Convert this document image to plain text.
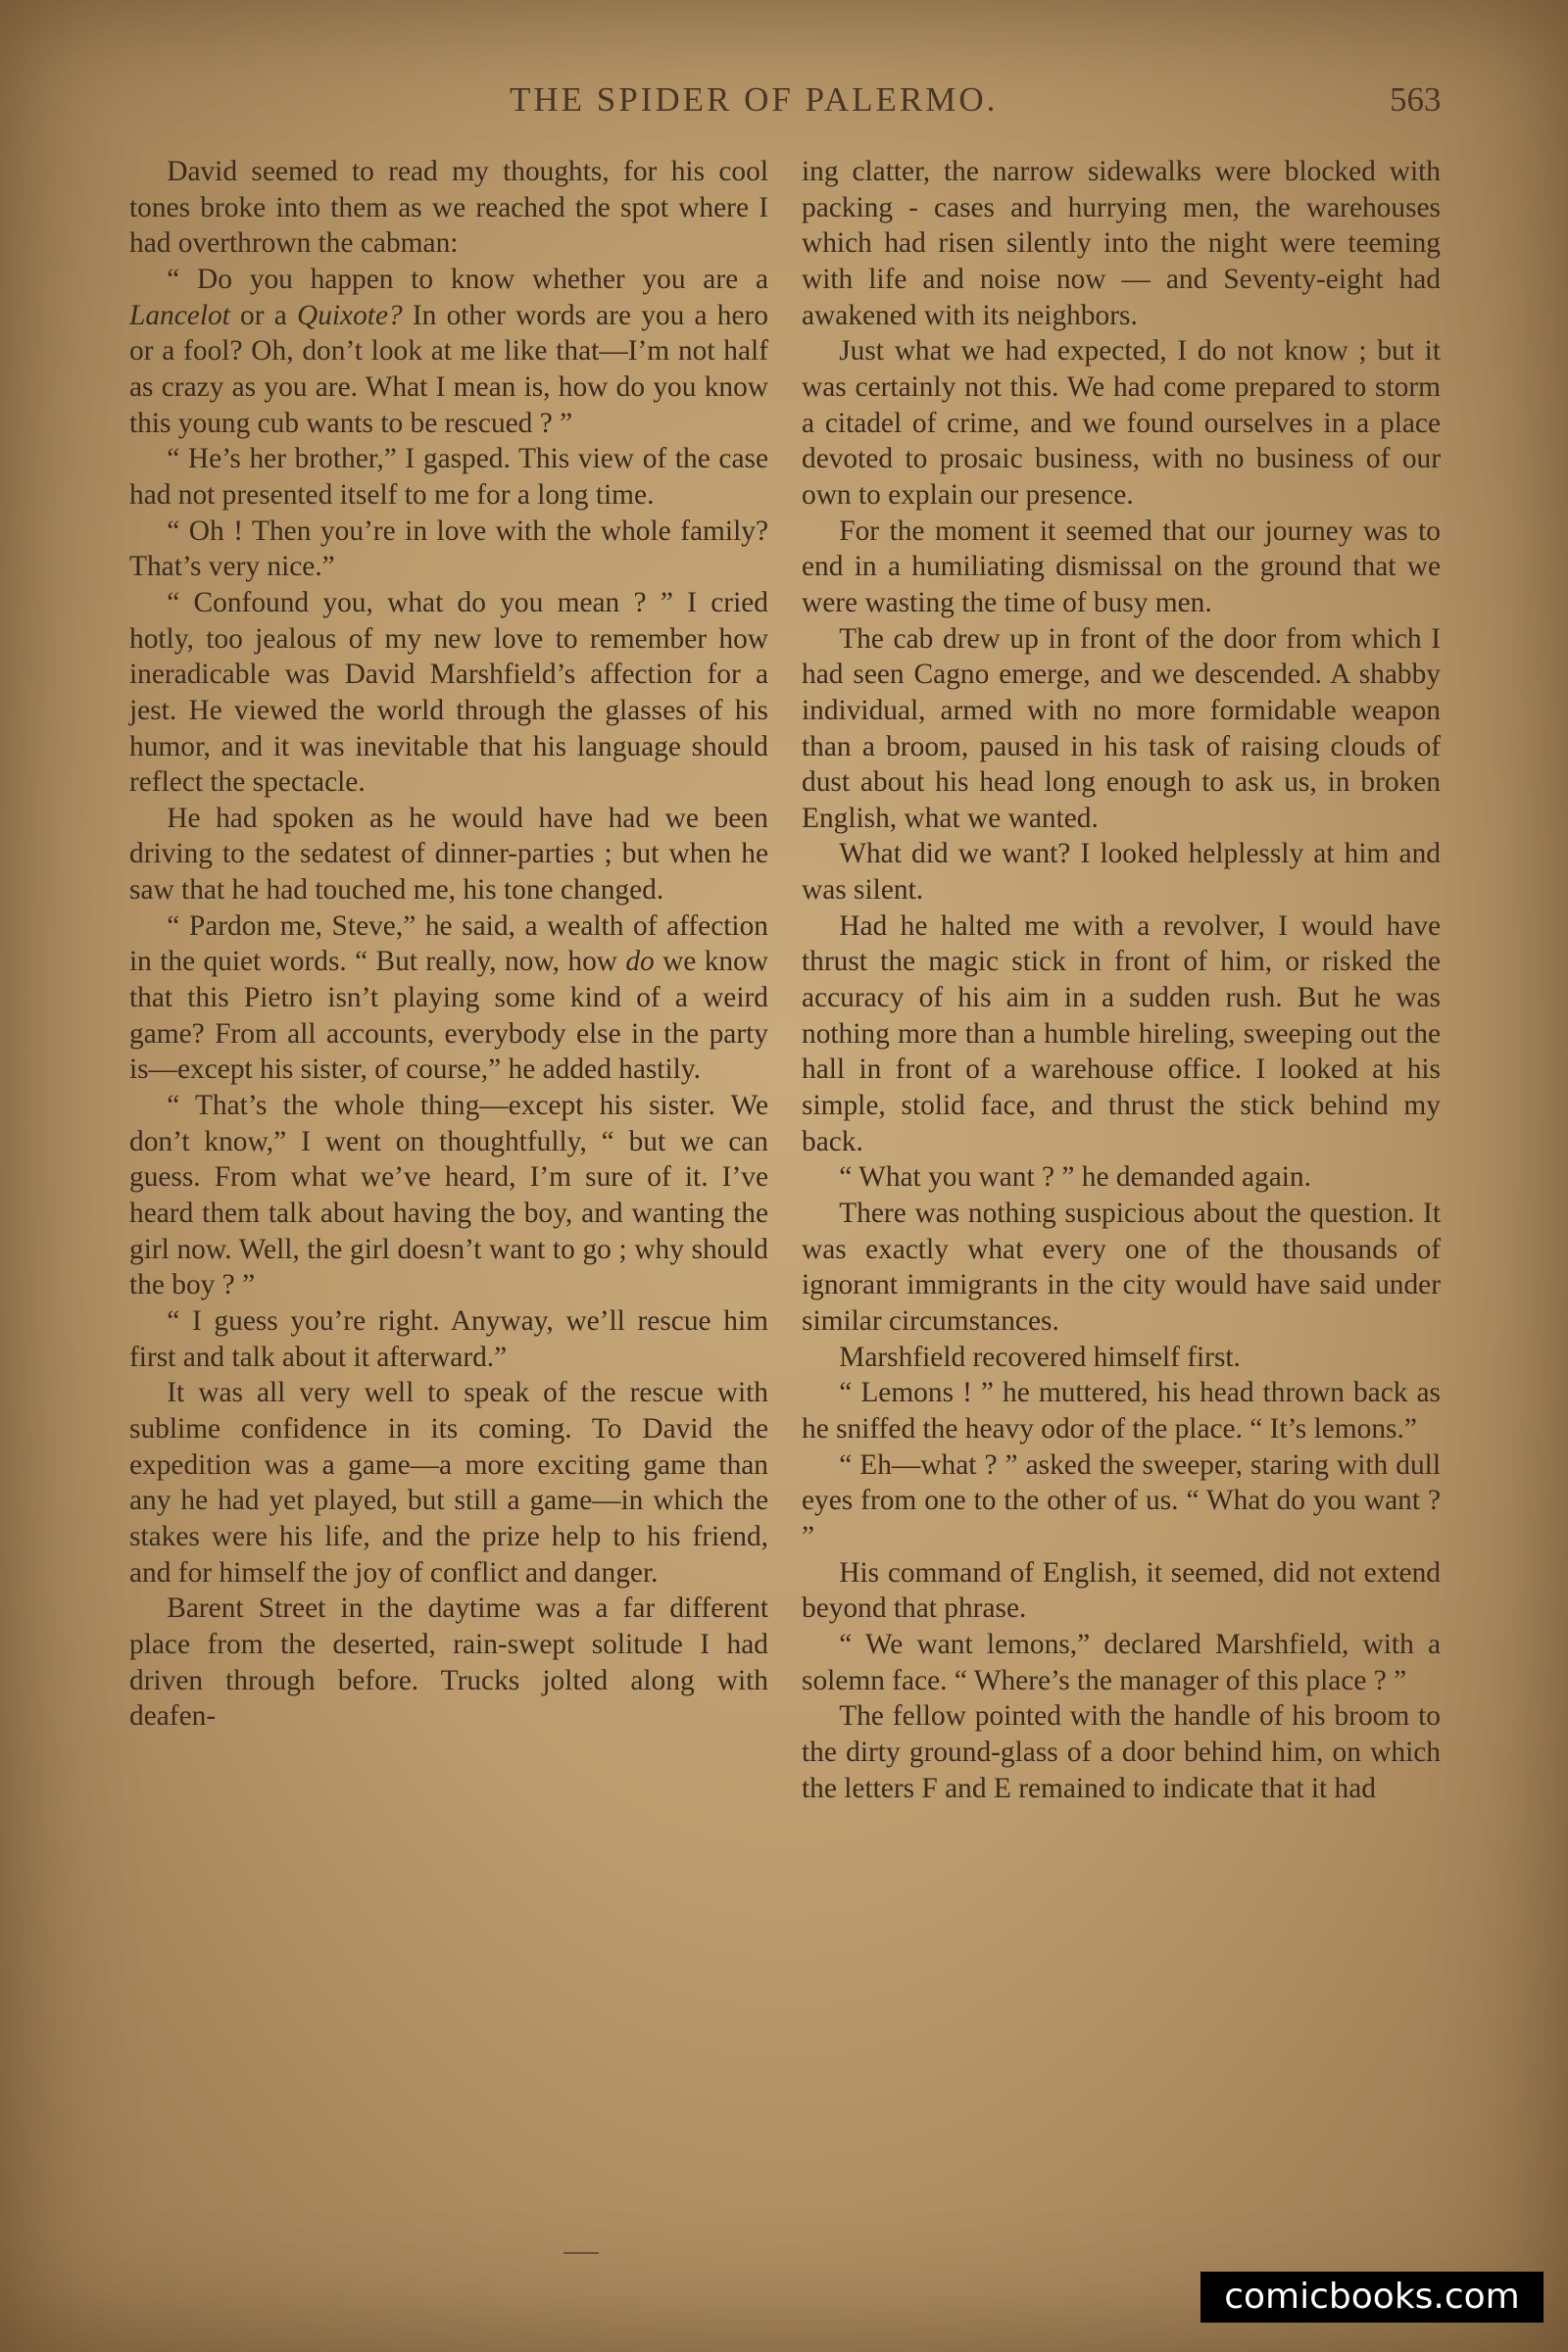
THE SPIDER OF PALERMO.	563

David seemed to read my thoughts, for his cool tones broke into them as we reached the spot where I had overthrown the cabman:

“ Do you happen to know whether you are a Lancelot or a Quixote? In other words are you a hero or a fool? Oh, don’t look at me like that—I’m not half as crazy as you are. What I mean is, how do you know this young cub wants to be rescued ? ”

“ He’s her brother,” I gasped. This view of the case had not presented itself to me for a long time.

“ Oh ! Then you’re in love with the whole family? That’s very nice.”

“ Confound you, what do you mean ? ” I cried hotly, too jealous of my new love to remember how ineradicable was David Marshfield’s affection for a jest. He viewed the world through the glasses of his humor, and it was inevitable that his language should reflect the spectacle.

He had spoken as he would have had we been driving to the sedatest of dinner-parties ; but when he saw that he had touched me, his tone changed.

“ Pardon me, Steve,” he said, a wealth of affection in the quiet words. “ But really, now, how do we know that this Pietro isn’t playing some kind of a weird game? From all accounts, everybody else in the party is—except his sister, of course,” he added hastily.

“ That’s the whole thing—except his sister. We don’t know,” I went on thoughtfully, “ but we can guess. From what we’ve heard, I’m sure of it. I’ve heard them talk about having the boy, and wanting the girl now. Well, the girl doesn’t want to go ; why should the boy ? ”

“ I guess you’re right. Anyway, we’ll rescue him first and talk about it afterward.”

It was all very well to speak of the rescue with sublime confidence in its coming. To David the expedition was a game—a more exciting game than any he had yet played, but still a game—in which the stakes were his life, and the prize help to his friend, and for himself the joy of conflict and danger.

Barent Street in the daytime was a far different place from the deserted, rain-swept solitude I had driven through before. Trucks jolted along with deafen-

ing clatter, the narrow sidewalks were blocked with packing - cases and hurrying men, the warehouses which had risen silently into the night were teeming with life and noise now — and Seventy-eight had awakened with its neighbors.

Just what we had expected, I do not know ; but it was certainly not this. We had come prepared to storm a citadel of crime, and we found ourselves in a place devoted to prosaic business, with no business of our own to explain our presence.

For the moment it seemed that our journey was to end in a humiliating dismissal on the ground that we were wasting the time of busy men.

The cab drew up in front of the door from which I had seen Cagno emerge, and we descended. A shabby individual, armed with no more formidable weapon than a broom, paused in his task of raising clouds of dust about his head long enough to ask us, in broken English, what we wanted.

What did we want? I looked helplessly at him and was silent.

Had he halted me with a revolver, I would have thrust the magic stick in front of him, or risked the accuracy of his aim in a sudden rush. But he was nothing more than a humble hireling, sweeping out the hall in front of a warehouse office. I looked at his simple, stolid face, and thrust the stick behind my back.

“ What you want ? ” he demanded again.

There was nothing suspicious about the question. It was exactly what every one of the thousands of ignorant immigrants in the city would have said under similar circumstances.

Marshfield recovered himself first.

“ Lemons ! ” he muttered, his head thrown back as he sniffed the heavy odor of the place. “ It’s lemons.”

“ Eh—what ? ” asked the sweeper, staring with dull eyes from one to the other of us. “ What do you want ? ”

His command of English, it seemed, did not extend beyond that phrase.

“ We want lemons,” declared Marshfield, with a solemn face. “ Where’s the manager of this place ? ”

The fellow pointed with the handle of his broom to the dirty ground-glass of a door behind him, on which the letters F and E remained to indicate that it had

comicbooks.com
